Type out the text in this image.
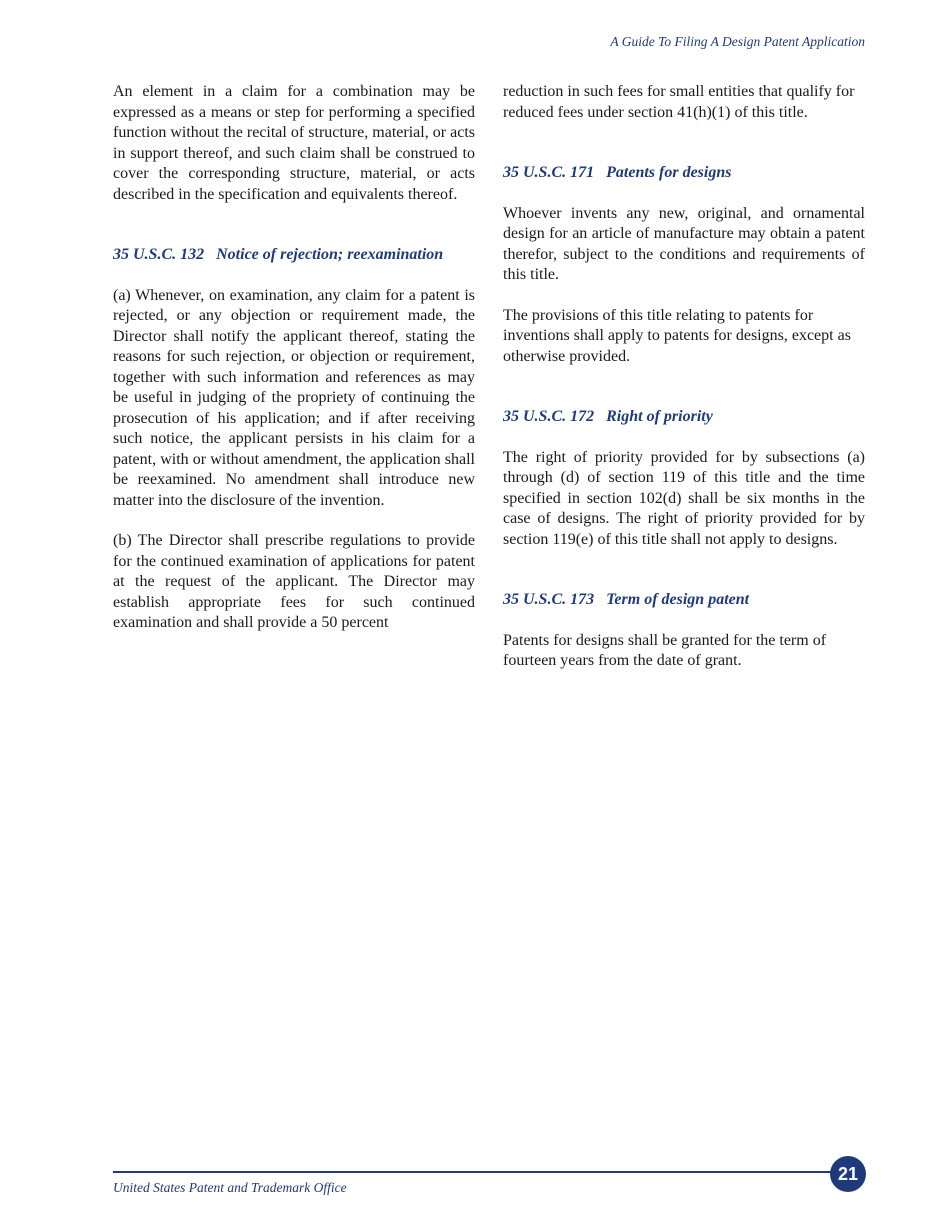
A Guide To Filing A Design Patent Application

An element in a claim for a combination may be expressed as a means or step for performing a specified function without the recital of structure, material, or acts in support thereof, and such claim shall be construed to cover the corresponding structure, material, or acts described in the specification and equivalents thereof.

35 U.S.C. 132 Notice of rejection; reexamination

(a) Whenever, on examination, any claim for a patent is rejected, or any objection or requirement made, the Director shall notify the applicant thereof, stating the reasons for such rejection, or objection or requirement, together with such information and references as may be useful in judging of the propriety of continuing the prosecution of his application; and if after receiving such notice, the applicant persists in his claim for a patent, with or without amendment, the application shall be reexamined. No amendment shall introduce new matter into the disclosure of the invention.

(b) The Director shall prescribe regulations to provide for the continued examination of applications for patent at the request of the applicant. The Director may establish appropriate fees for such continued examination and shall provide a 50 percent

reduction in such fees for small entities that qualify for reduced fees under section 41(h)(1) of this title.

35 U.S.C. 171 Patents for designs

Whoever invents any new, original, and ornamental design for an article of manufacture may obtain a patent therefor, subject to the conditions and requirements of this title.

The provisions of this title relating to patents for inventions shall apply to patents for designs, except as otherwise provided.

35 U.S.C. 172 Right of priority

The right of priority provided for by subsections (a) through (d) of section 119 of this title and the time specified in section 102(d) shall be six months in the case of designs. The right of priority provided for by section 119(e) of this title shall not apply to designs.

35 U.S.C. 173 Term of design patent

Patents for designs shall be granted for the term of fourteen years from the date of grant.

United States Patent and Trademark Office
21
